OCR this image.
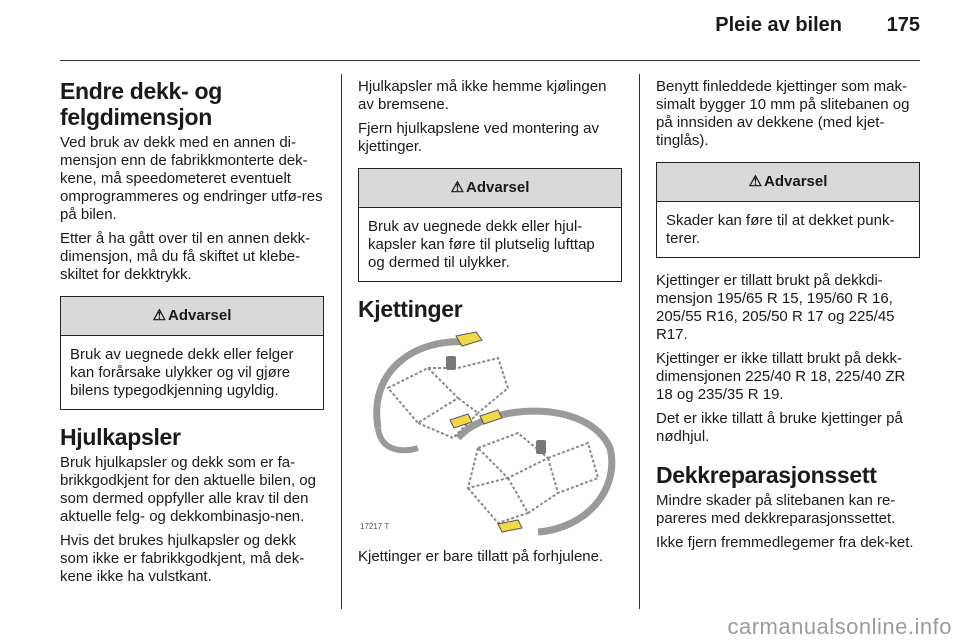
Pleie av bilen 175
Endre dekk- og felgdimensjon

Ved bruk av dekk med en annen di-mensjon enn de fabrikkmonterte dek-kene, må speedometeret eventuelt omprogrammeres og endringer utfø-res på bilen.

Etter å ha gått over til en annen dekk-dimensjon, må du få skiftet ut klebe-skiltet for dekktrykk.

⚠ Advarsel
Bruk av uegnede dekk eller felger kan forårsake ulykker og vil gjøre bilens typegodkjenning ugyldig.
Hjulkapsler

Bruk hjulkapsler og dekk som er fa-brikkgodkjent for den aktuelle bilen, og som dermed oppfyller alle krav til den aktuelle felg- og dekkombinasjo-nen.

Hvis det brukes hjulkapsler og dekk som ikke er fabrikkgodkjent, må dek-kene ikke ha vulstkant.

Hjulkapsler må ikke hemme kjølingen av bremsene.

Fjern hjulkapslene ved montering av kjettinger.

⚠ Advarsel
Bruk av uegnede dekk eller hjul-kapsler kan føre til plutselig lufttap og dermed til ulykker.
Kjettinger
17217 T

Kjettinger er bare tillatt på forhjulene.

Benytt finleddede kjettinger som mak-simalt bygger 10 mm på slitebanen og på innsiden av dekkene (med kjet-tinglås).

⚠ Advarsel
Skader kan føre til at dekket punk-terer.

Kjettinger er tillatt brukt på dekkdi-mensjon 195/65 R 15, 195/60 R 16, 205/55 R16, 205/50 R 17 og 225/45 R17.

Kjettinger er ikke tillatt brukt på dekk-dimensjonen 225/40 R 18, 225/40 ZR 18 og 235/35 R 19.

Det er ikke tillatt å bruke kjettinger på nødhjul.

Dekkreparasjonssett

Mindre skader på slitebanen kan re-pareres med dekkreparasjonssettet.

Ikke fjern fremmedlegemer fra dek-ket.

carmanualsonline.info
